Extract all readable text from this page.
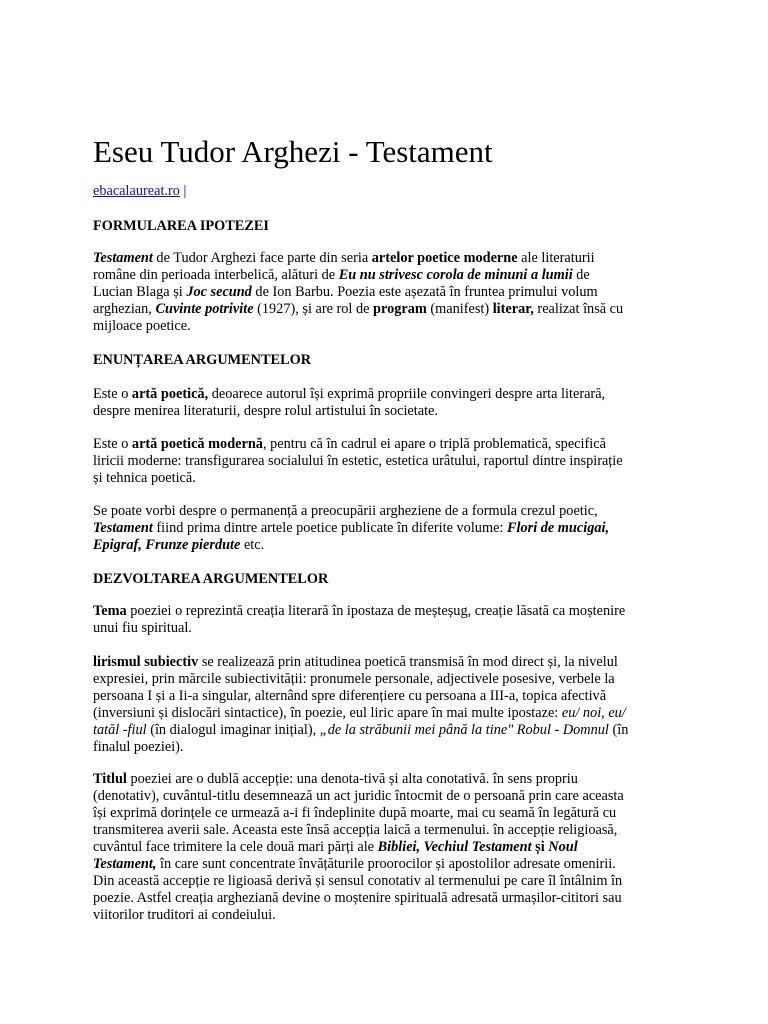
Eseu Tudor Arghezi - Testament
ebacalaureat.ro |
FORMULAREA IPOTEZEI
Testament de Tudor Arghezi face parte din seria artelor poetice moderne ale literaturii
române din perioada interbelică, alături de Eu nu strivesc corola de minuni a lumii de
Lucian Blaga și Joc secund de Ion Barbu. Poezia este așezată în fruntea primului volum
arghezian, Cuvinte potrivite (1927), și are rol de program (manifest) literar, realizat însă cu
mijloace poetice.
ENUNȚAREA ARGUMENTELOR
Este o artă poetică, deoarece autorul își exprimă propriile convingeri despre arta literară,
despre menirea literaturii, despre rolul artistului în societate.
Este o artă poetică modernă, pentru că în cadrul ei apare o triplă problematică, specifică
liricii moderne: transfigurarea socialului în estetic, estetica urâtului, raportul dintre inspirație
și tehnica poetică.
Se poate vorbi despre o permanență a preocupării argheziene de a formula crezul poetic,
Testament fiind prima dintre artele poetice publicate în diferite volume: Flori de mucigai,
Epigraf, Frunze pierdute etc.
DEZVOLTAREA ARGUMENTELOR
Tema poeziei o reprezintă creația literară în ipostaza de meșteșug, creație lăsată ca moștenire
unui fiu spiritual.
lirismul subiectiv se realizează prin atitudinea poetică transmisă în mod direct și, la nivelul
expresiei, prin mărcile subiectivității: pronumele personale, adjectivele posesive, verbele la
persoana I și a Ii-a singular, alternând spre diferențiere cu persoana a III-a, topica afectivă
(inversiuni și dislocări sintactice), în poezie, eul liric apare în mai multe ipostaze: eu/ noi, eu/
tatăl -fiul (în dialogul imaginar inițial), „de la străbunii mei până la tine" Robul - Domnul (în
finalul poeziei).
Titlul poeziei are o dublă accepție: una denota-tivă și alta conotativă. în sens propriu
(denotativ), cuvântul-titlu desemnează un act juridic întocmit de o persoană prin care aceasta
își exprimă dorințele ce urmează a-i fi îndeplinite după moarte, mai cu seamă în legătură cu
transmiterea averii sale. Aceasta este însă accepția laică a termenului. în accepție religioasă,
cuvântul face trimitere la cele două mari părți ale Bibliei, Vechiul Testament și Noul
Testament, în care sunt concentrate învățăturile proorocilor și apostolilor adresate omenirii.
Din această accepție re ligioasă derivă și sensul conotativ al termenului pe care îl întâlnim în
poezie. Astfel creația argheziană devine o moștenire spirituală adresată urmașilor-cititori sau
viitorilor truditori ai condeiului.
